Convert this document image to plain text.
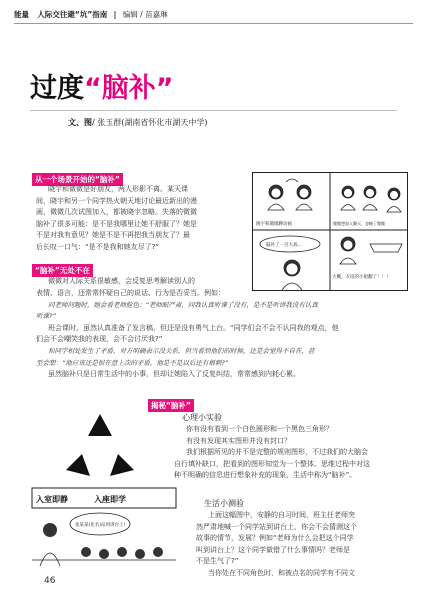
能量 人际交往避“坑”指南 | 编辑 / 苗嘉琳
过度“脑补”
文、图/ 张玉群(湖南省怀化市湖天中学)
从一个场景开始的“脑补”
晓宇和微微是好朋友，两人形影不离。某天课
间，晓宇和另一个同学热火朝天地讨论最近新出的漫
画，微微几次试图加入，都被晓宇忽略。失落的微微
脑补了很多可能：是不是我哪里让她不舒服了？她是
不是对我有意见？她是不是不再把我当朋友了？最
后长叹一口气：“是不是我和她友尽了?”
晓宇和微微聊动画	微微想加入聊天，忽略了微微
脑补了一百大戏...
大概，友谊的小船翻了！！！
“脑补”无处不在
微微对人际关系很敏感，会反复思考解读别人的
表情、语言，还常常怀疑自己的说话、行为是否妥当。例如：
问老师问题时，她会看老师脸色：“老师眼严肃，问我认真听课了没有，是不是听讲我没有认真
听课?”
班会课时，虽然认真准备了发言稿，但还是没有勇气上台。“同学们会不会不认同我的观点，他
们会不会嘲笑我的表现，会不会讨厌我?”
和同学相处发生了矛盾，对方明确表示没关系，但当看到他们的时候，还是会觉得不自在，甚
至会想：“他应该还是很在意上次的矛盾，他是不是以后还有根刺?”
虽然脑补只是日常生活中的小事，但却让她陷入了反复纠结，常常感到内耗心累。
揭秘“脑补”
心理小实验
你有没有看到一个白色圆形和一个黑色三角形？
有没有发现其实图形并没有封口？
我们根据所见的并不是完整的规则图形，不过我们的大脑会
自行填补缺口，把看到的图形知觉为一个整体。思维过程中对这
种不明确的信息进行想象补充的现象，生活中称为“脑补”。
入室即静	入座即学
张某某(化名)站到讲台上!
生活小测验
上面这幅图中，安静的自习时间，班主任老师突
然严肃地喊一个同学站到讲台上，你会不会猜测这个
故事的情节，发展？例如“老师为什么会把这个同学
叫到讲台上？这个同学做错了什么事情吗？老师是
不是生气了?”
当你处在不同角色时，和被点名的同学有不同文
46
